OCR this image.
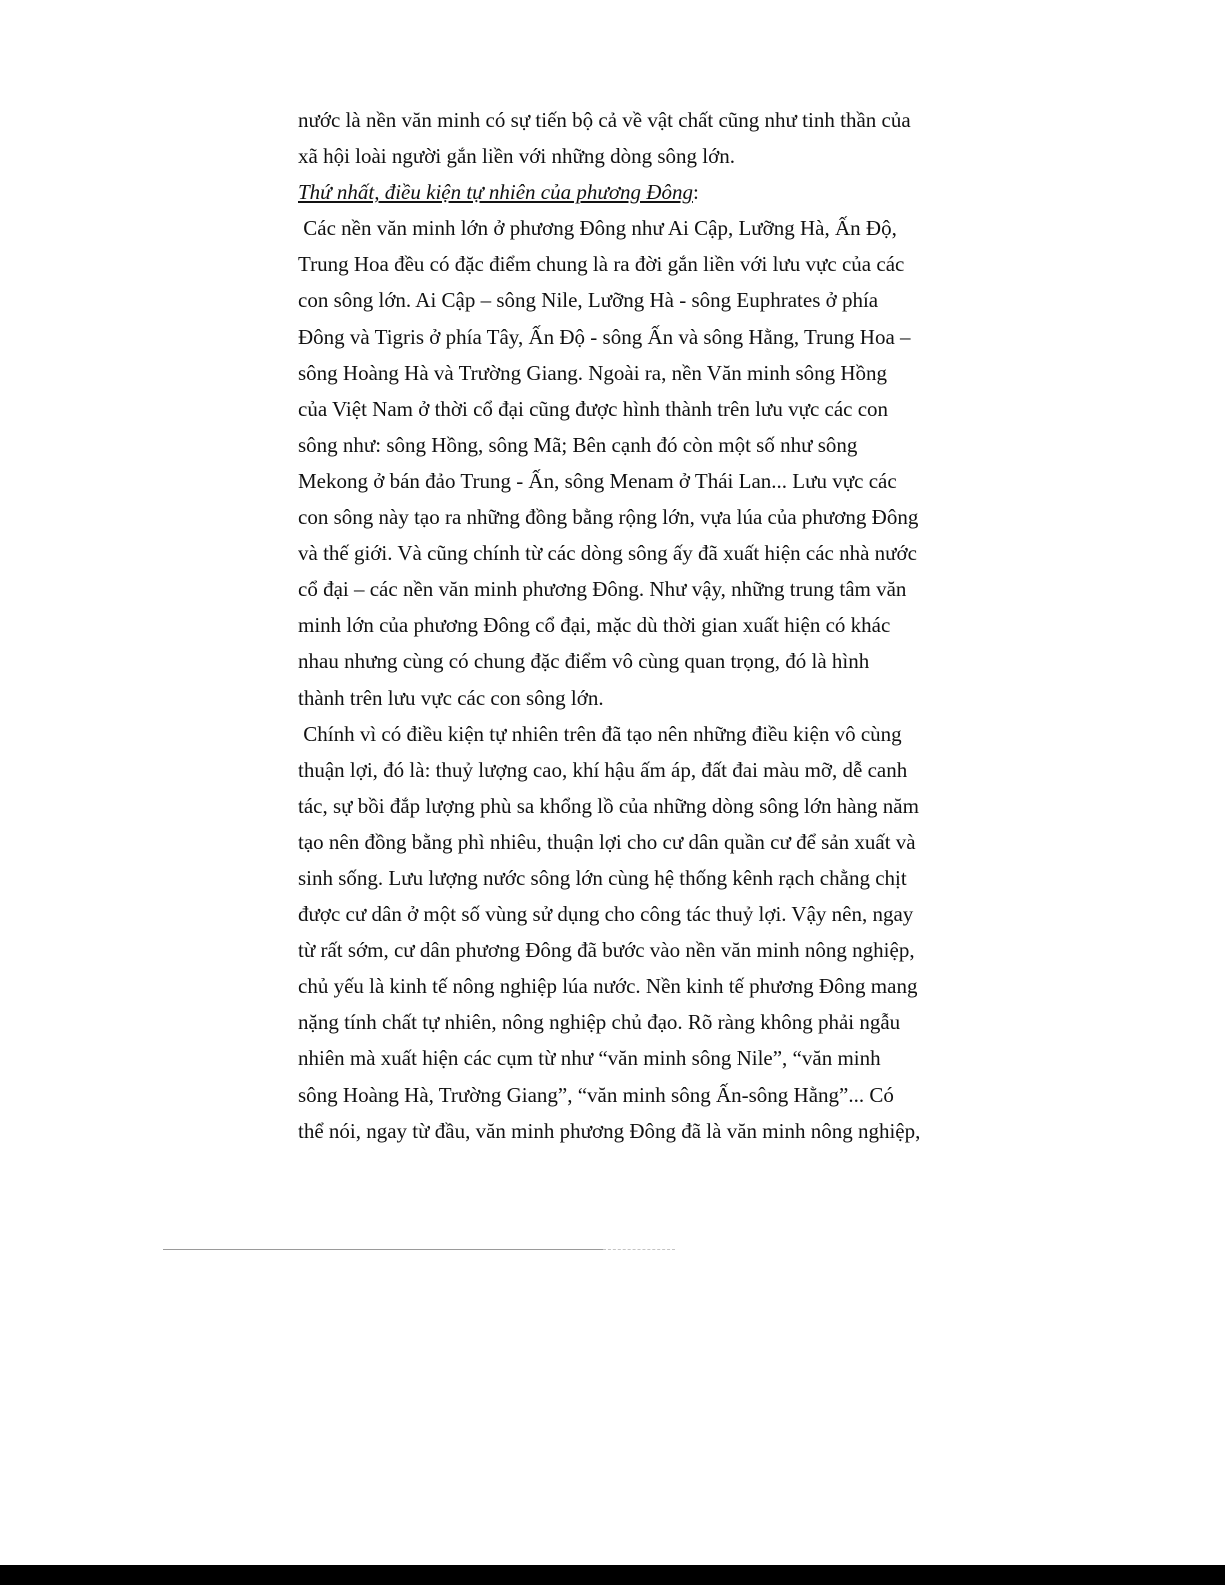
nước là nền văn minh có sự tiến bộ cả về vật chất cũng như tinh thần của
xã hội loài người gắn liền với những dòng sông lớn.
Thứ nhất, điều kiện tự nhiên của phương Đông:
Các nền văn minh lớn ở phương Đông như Ai Cập, Lưỡng Hà, Ấn Độ,
Trung Hoa đều có đặc điểm chung là ra đời gắn liền với lưu vực của các
con sông lớn. Ai Cập – sông Nile, Lưỡng Hà - sông Euphrates ở phía
Đông và Tigris ở phía Tây, Ấn Độ - sông Ấn và sông Hằng, Trung Hoa –
sông Hoàng Hà và Trường Giang. Ngoài ra, nền Văn minh sông Hồng
của Việt Nam ở thời cổ đại cũng được hình thành trên lưu vực các con
sông như: sông Hồng, sông Mã; Bên cạnh đó còn một số như sông
Mekong ở bán đảo Trung - Ấn, sông Menam ở Thái Lan... Lưu vực các
con sông này tạo ra những đồng bằng rộng lớn, vựa lúa của phương Đông
và thế giới. Và cũng chính từ các dòng sông ấy đã xuất hiện các nhà nước
cổ đại – các nền văn minh phương Đông. Như vậy, những trung tâm văn
minh lớn của phương Đông cổ đại, mặc dù thời gian xuất hiện có khác
nhau nhưng cùng có chung đặc điểm vô cùng quan trọng, đó là hình
thành trên lưu vực các con sông lớn.
Chính vì có điều kiện tự nhiên trên đã tạo nên những điều kiện vô cùng
thuận lợi, đó là: thuỷ lượng cao, khí hậu ấm áp, đất đai màu mỡ, dễ canh
tác, sự bồi đắp lượng phù sa khổng lồ của những dòng sông lớn hàng năm
tạo nên đồng bằng phì nhiêu, thuận lợi cho cư dân quần cư để sản xuất và
sinh sống. Lưu lượng nước sông lớn cùng hệ thống kênh rạch chằng chịt
được cư dân ở một số vùng sử dụng cho công tác thuỷ lợi. Vậy nên, ngay
từ rất sớm, cư dân phương Đông đã bước vào nền văn minh nông nghiệp,
chủ yếu là kinh tế nông nghiệp lúa nước. Nền kinh tế phương Đông mang
nặng tính chất tự nhiên, nông nghiệp chủ đạo. Rõ ràng không phải ngẫu
nhiên mà xuất hiện các cụm từ như “văn minh sông Nile”, “văn minh
sông Hoàng Hà, Trường Giang”, “văn minh sông Ấn-sông Hằng”... Có
thể nói, ngay từ đầu, văn minh phương Đông đã là văn minh nông nghiệp,
